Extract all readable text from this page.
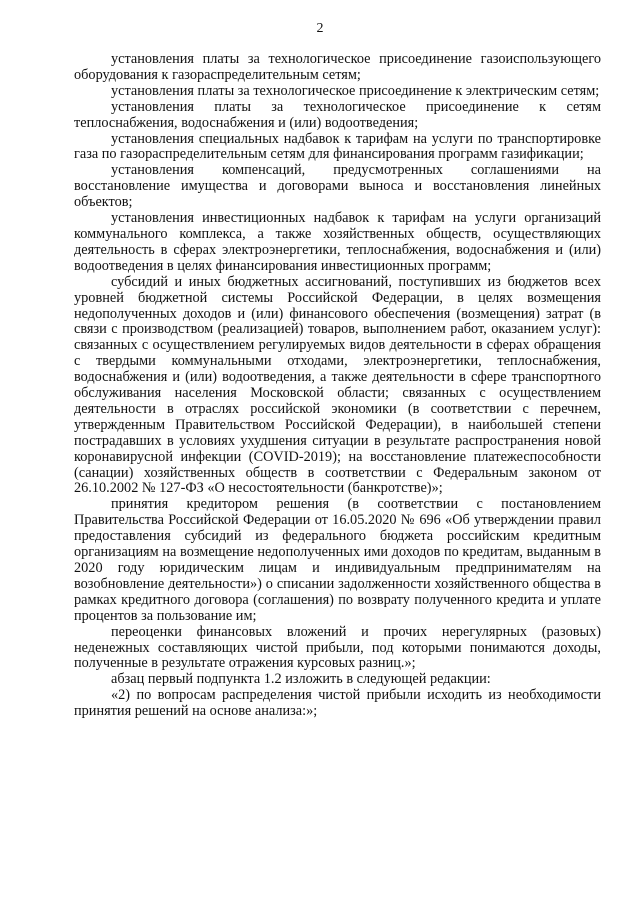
2

установления платы за технологическое присоединение газоиспользующего оборудования к газораспределительным сетям;

установления платы за технологическое присоединение к электрическим сетям;

установления платы за технологическое присоединение к сетям теплоснабжения, водоснабжения и (или) водоотведения;

установления специальных надбавок к тарифам на услуги по транспортировке газа по газораспределительным сетям для финансирования программ газификации;

установления компенсаций, предусмотренных соглашениями на восстановление имущества и договорами выноса и восстановления линейных объектов;

установления инвестиционных надбавок к тарифам на услуги организаций коммунального комплекса, а также хозяйственных обществ, осуществляющих деятельность в сферах электроэнергетики, теплоснабжения, водоснабжения и (или) водоотведения в целях финансирования инвестиционных программ;

субсидий и иных бюджетных ассигнований, поступивших из бюджетов всех уровней бюджетной системы Российской Федерации, в целях возмещения недополученных доходов и (или) финансового обеспечения (возмещения) затрат (в связи с производством (реализацией) товаров, выполнением работ, оказанием услуг): связанных с осуществлением регулируемых видов деятельности в сферах обращения с твердыми коммунальными отходами, электроэнергетики, теплоснабжения, водоснабжения и (или) водоотведения, а также деятельности в сфере транспортного обслуживания населения Московской области; связанных с осуществлением деятельности в отраслях российской экономики (в соответствии с перечнем, утвержденным Правительством Российской Федерации), в наибольшей степени пострадавших в условиях ухудшения ситуации в результате распространения новой коронавирусной инфекции (COVID-2019); на восстановление платежеспособности (санации) хозяйственных обществ в соответствии с Федеральным законом от 26.10.2002 № 127-ФЗ «О несостоятельности (банкротстве)»;

принятия кредитором решения (в соответствии с постановлением Правительства Российской Федерации от 16.05.2020 № 696 «Об утверждении правил предоставления субсидий из федерального бюджета российским кредитным организациям на возмещение недополученных ими доходов по кредитам, выданным в 2020 году юридическим лицам и индивидуальным предпринимателям на возобновление деятельности») о списании задолженности хозяйственного общества в рамках кредитного договора (соглашения) по возврату полученного кредита и уплате процентов за пользование им;

переоценки финансовых вложений и прочих нерегулярных (разовых) неденежных составляющих чистой прибыли, под которыми понимаются доходы, полученные в результате отражения курсовых разниц.»;

абзац первый подпункта 1.2 изложить в следующей редакции:

«2) по вопросам распределения чистой прибыли исходить из необходимости принятия решений на основе анализа:»;
